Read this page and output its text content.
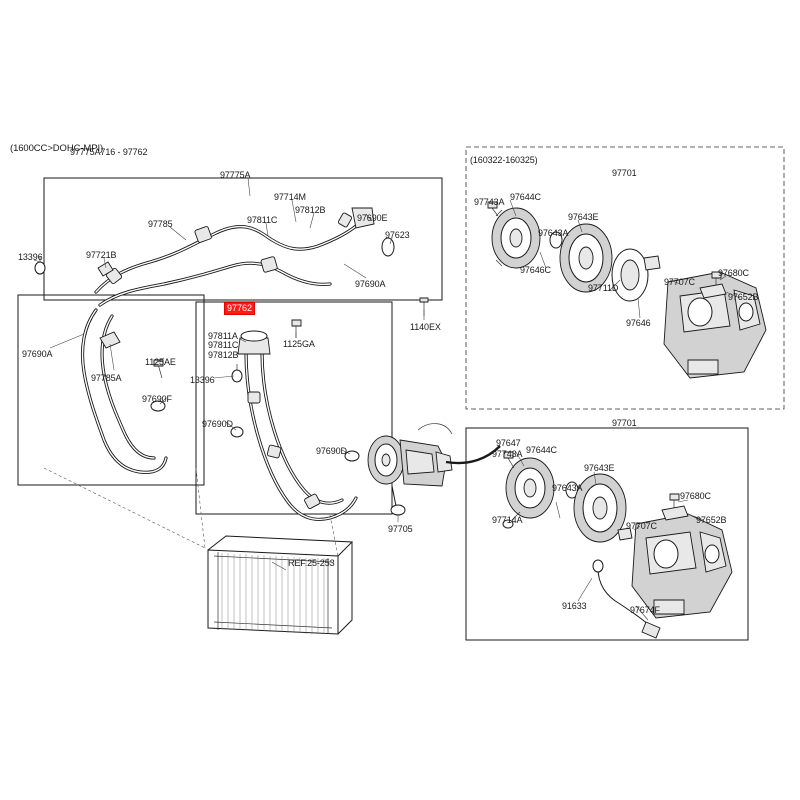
(1600CC>DOHC-MPI)
97775A716 - 97762
97775A
97714M
97812B
97785	97811C	97690E
97623
97721B
13396
97690A
97690A
1140EX
97811A
97811C
97812B
1125GA
1125AE
97785A	13396
97690F
97690D
97690D
97705
REF.25-253
(160322-160325)
97701
97743A 97644C
97643E
97643A
97646C
97711D
97646
97707C
97680C
97652B
97701
97647
97644C
97743A
97643E
97643A
97714A
97707C
97680C
97652B
91633	97674F
97762
